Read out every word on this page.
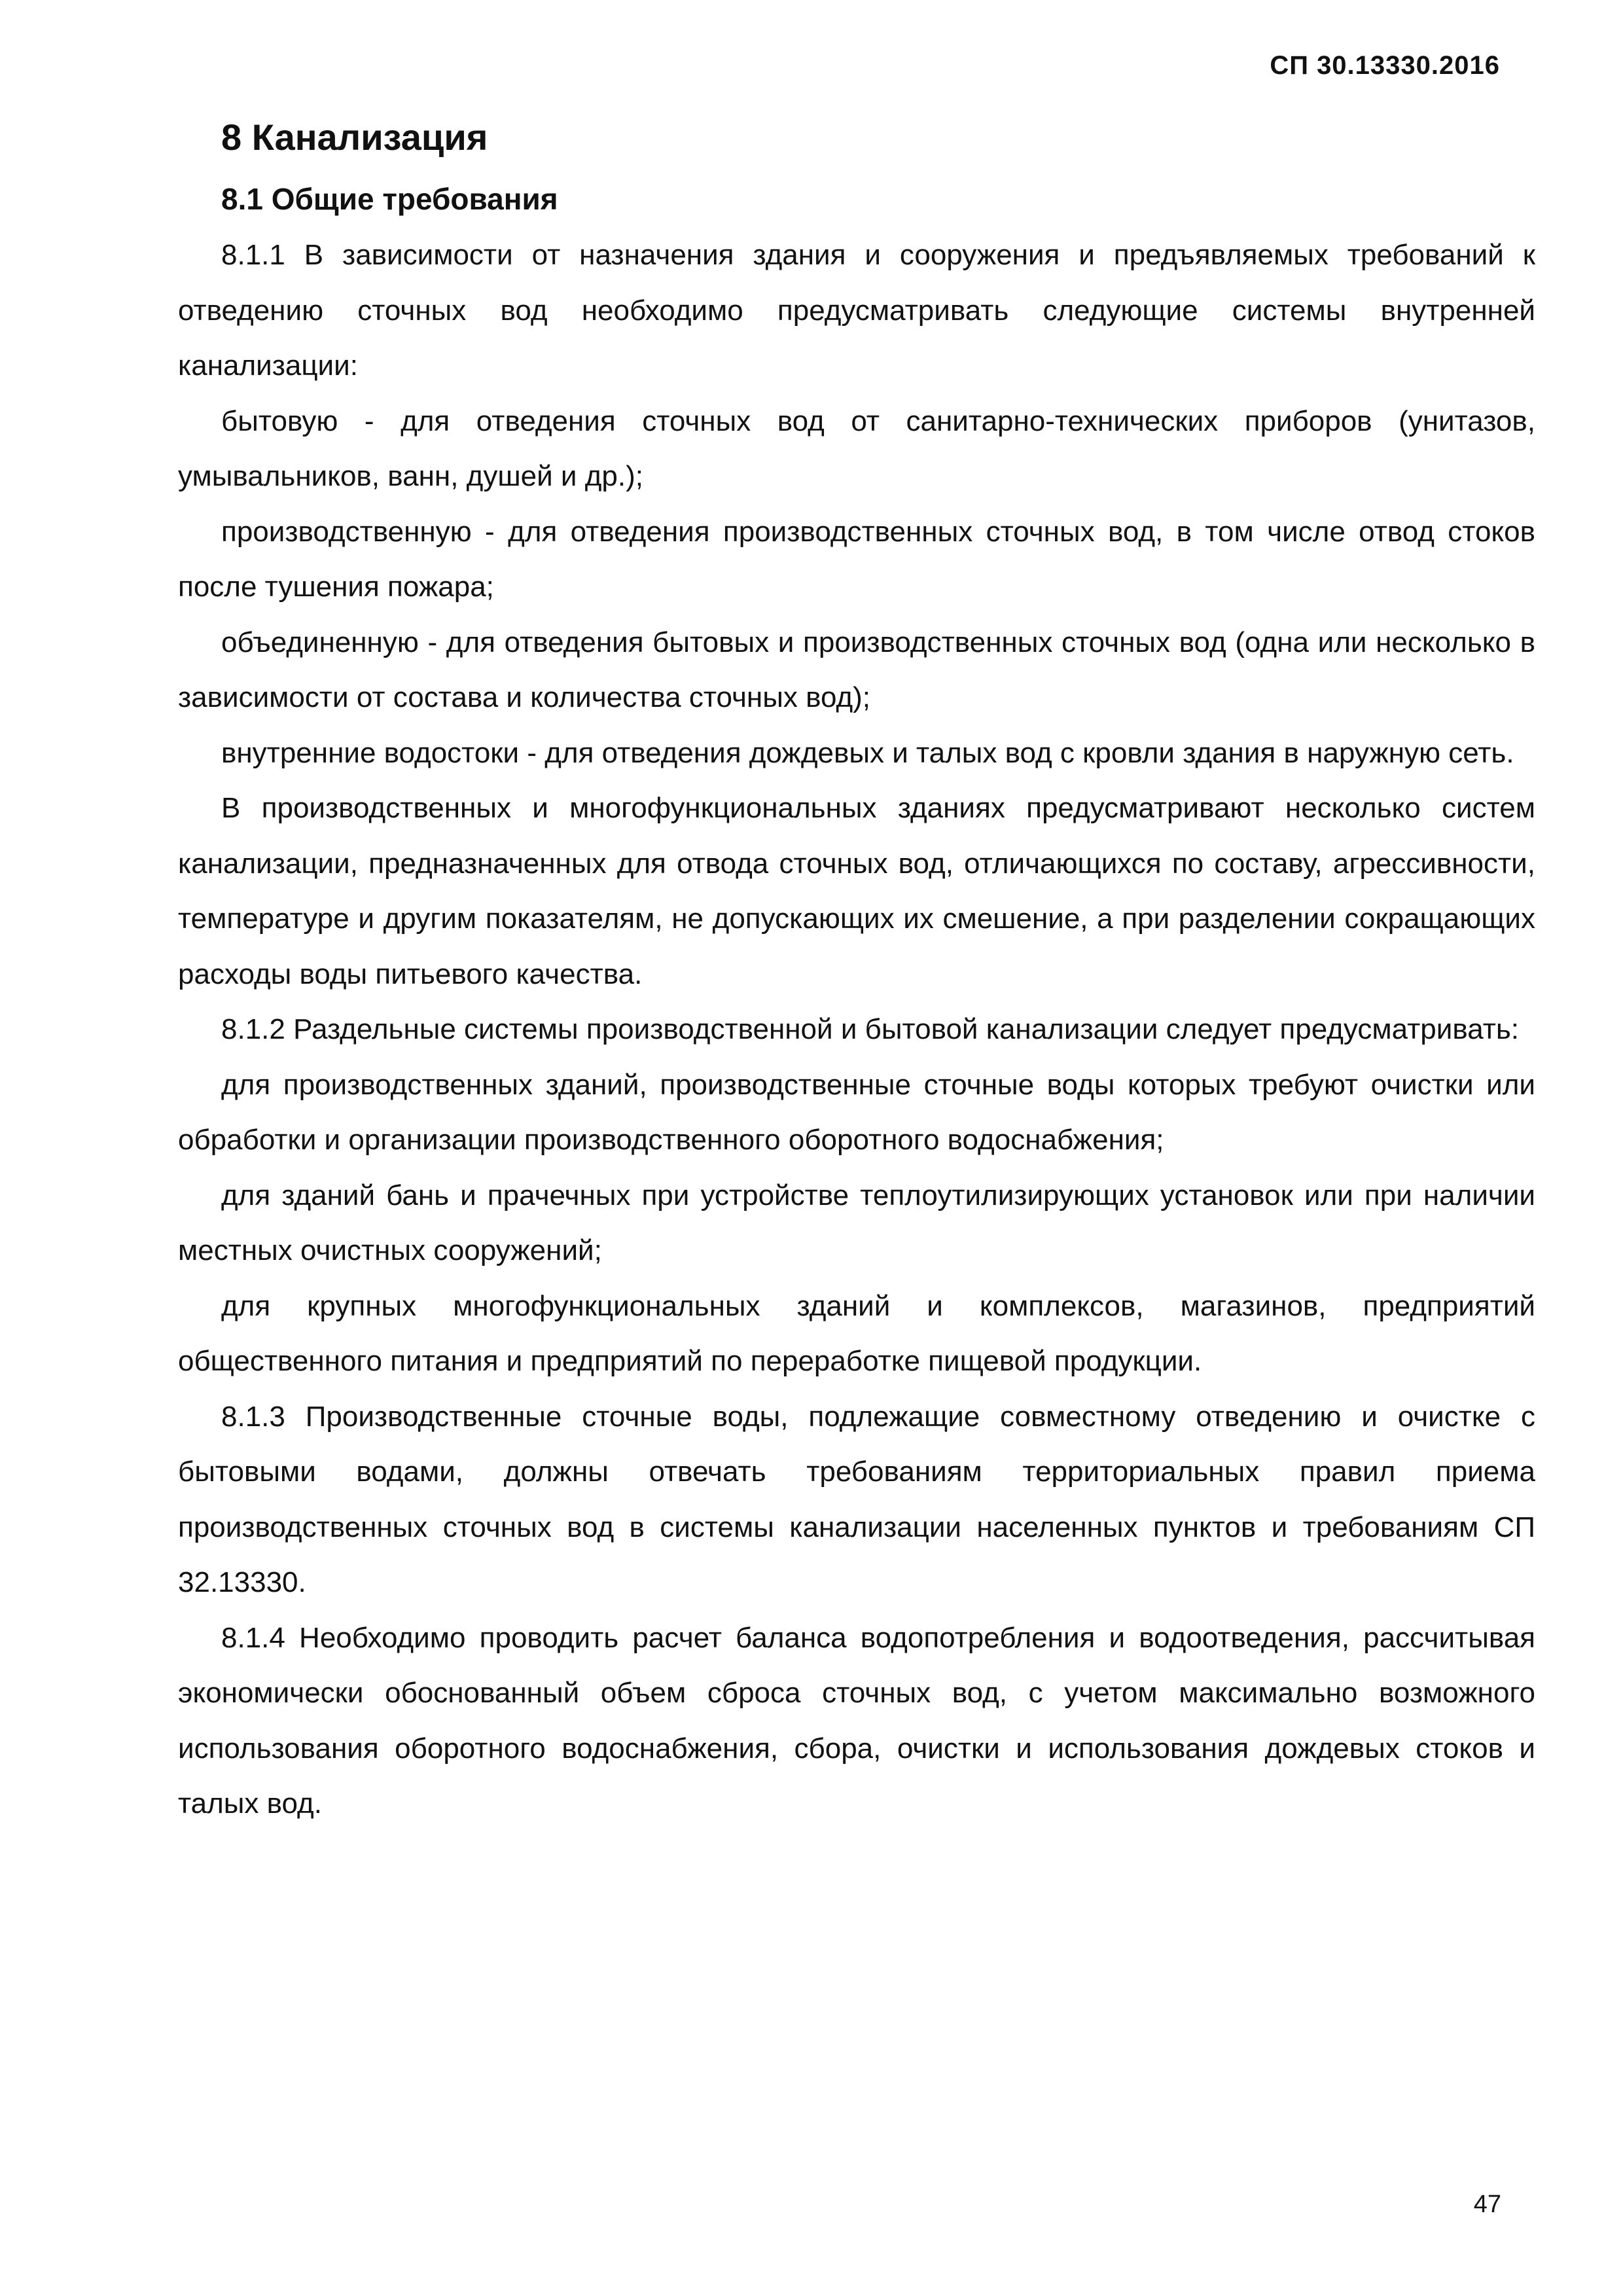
СП 30.13330.2016
8 Канализация
8.1 Общие требования

8.1.1 В зависимости от назначения здания и сооружения и предъявляемых требований к отведению сточных вод необходимо предусматривать следующие системы внутренней канализации:

бытовую - для отведения сточных вод от санитарно-технических приборов (унитазов, умывальников, ванн, душей и др.);

производственную - для отведения производственных сточных вод, в том числе отвод стоков после тушения пожара;

объединенную - для отведения бытовых и производственных сточных вод (одна или несколько в зависимости от состава и количества сточных вод);

внутренние водостоки - для отведения дождевых и талых вод с кровли здания в наружную сеть.

В производственных и многофункциональных зданиях предусматривают несколько систем канализации, предназначенных для отвода сточных вод, отличающихся по составу, агрессивности, температуре и другим показателям, не допускающих их смешение, а при разделении сокращающих расходы воды питьевого качества.

8.1.2 Раздельные системы производственной и бытовой канализации следует предусматривать:

для производственных зданий, производственные сточные воды которых требуют очистки или обработки и организации производственного оборотного водоснабжения;

для зданий бань и прачечных при устройстве теплоутилизирующих установок или при наличии местных очистных сооружений;

для крупных многофункциональных зданий и комплексов, магазинов, предприятий общественного питания и предприятий по переработке пищевой продукции.

8.1.3 Производственные сточные воды, подлежащие совместному отведению и очистке с бытовыми водами, должны отвечать требованиям территориальных правил приема производственных сточных вод в системы канализации населенных пунктов и требованиям СП 32.13330.

8.1.4 Необходимо проводить расчет баланса водопотребления и водоотведения, рассчитывая экономически обоснованный объем сброса сточных вод, с учетом максимально возможного использования оборотного водоснабжения, сбора, очистки и использования дождевых стоков и талых вод.

47
